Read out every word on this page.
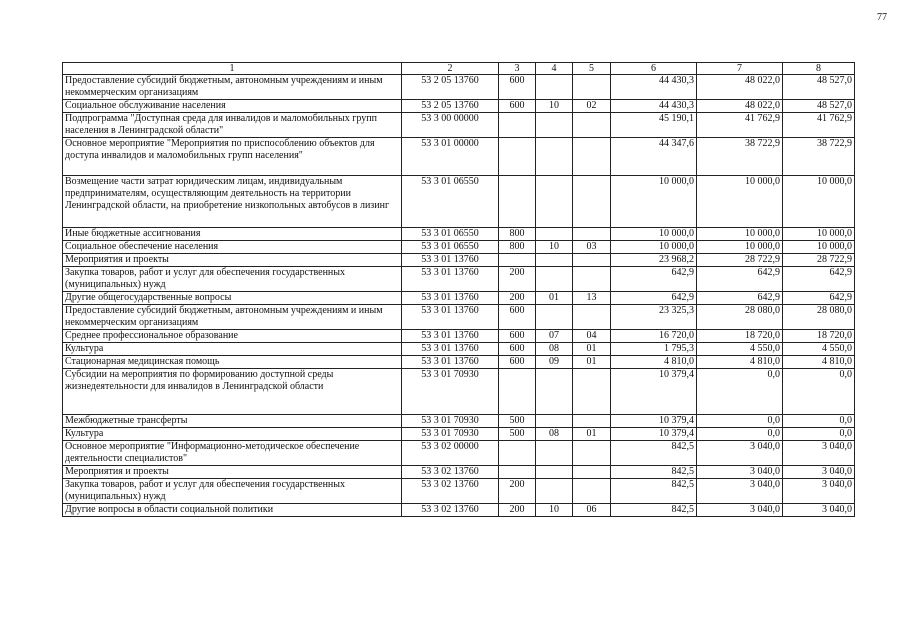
77
1	2	3	4	5	6	7	8
Предоставление субсидий бюджетным, автономным учреждениям и иным некоммерческим организациям	53 2 05 13760	600			44 430,3	48 022,0	48 527,0
Социальное обслуживание населения	53 2 05 13760	600	10	02	44 430,3	48 022,0	48 527,0
Подпрограмма "Доступная среда для инвалидов и маломобильных групп населения в Ленинградской области"	53 3 00 00000				45 190,1	41 762,9	41 762,9
Основное мероприятие "Мероприятия по приспособлению объектов для доступа инвалидов и маломобильных групп населения"	53 3 01 00000				44 347,6	38 722,9	38 722,9
Возмещение части затрат юридическим лицам, индивидуальным предпринимателям, осуществляющим деятельность на территории Ленинградской области, на приобретение низкопольных автобусов в лизинг	53 3 01 06550				10 000,0	10 000,0	10 000,0
Иные бюджетные ассигнования	53 3 01 06550	800			10 000,0	10 000,0	10 000,0
Социальное обеспечение населения	53 3 01 06550	800	10	03	10 000,0	10 000,0	10 000,0
Мероприятия и проекты	53 3 01 13760				23 968,2	28 722,9	28 722,9
Закупка товаров, работ и услуг для обеспечения государственных (муниципальных) нужд	53 3 01 13760	200			642,9	642,9	642,9
Другие общегосударственные вопросы	53 3 01 13760	200	01	13	642,9	642,9	642,9
Предоставление субсидий бюджетным, автономным учреждениям и иным некоммерческим организациям	53 3 01 13760	600			23 325,3	28 080,0	28 080,0
Среднее профессиональное образование	53 3 01 13760	600	07	04	16 720,0	18 720,0	18 720,0
Культура	53 3 01 13760	600	08	01	1 795,3	4 550,0	4 550,0
Стационарная медицинская помощь	53 3 01 13760	600	09	01	4 810,0	4 810,0	4 810,0
Субсидии на мероприятия по формированию доступной среды жизнедеятельности для инвалидов в Ленинградской области	53 3 01 70930				10 379,4	0,0	0,0
Межбюджетные трансферты	53 3 01 70930	500			10 379,4	0,0	0,0
Культура	53 3 01 70930	500	08	01	10 379,4	0,0	0,0
Основное мероприятие "Информационно-методическое обеспечение деятельности специалистов"	53 3 02 00000				842,5	3 040,0	3 040,0
Мероприятия и проекты	53 3 02 13760				842,5	3 040,0	3 040,0
Закупка товаров, работ и услуг для обеспечения государственных (муниципальных) нужд	53 3 02 13760	200			842,5	3 040,0	3 040,0
Другие вопросы в области социальной политики	53 3 02 13760	200	10	06	842,5	3 040,0	3 040,0
